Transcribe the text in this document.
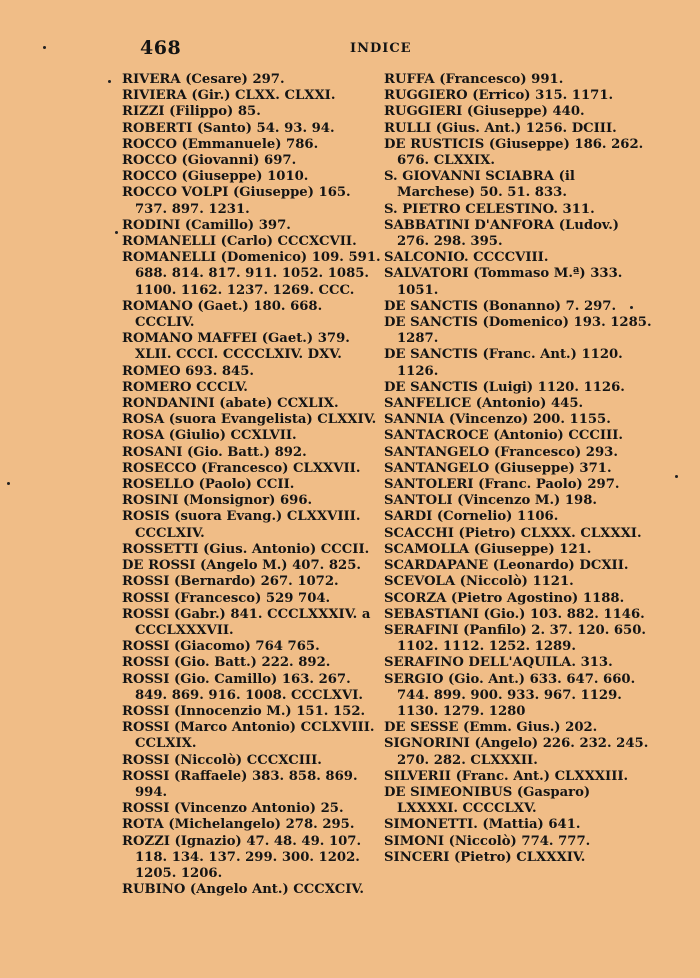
468	INDICE

RIVERA (Cesare) 297.

RIVIERA (Gir.) CLXX. CLXXI.

RIZZI (Filippo) 85.

ROBERTI (Santo) 54. 93. 94.

ROCCO (Emmanuele) 786.

ROCCO (Giovanni) 697.

ROCCO (Giuseppe) 1010.

ROCCO VOLPI (Giuseppe) 165. 737. 897. 1231.

RODINI (Camillo) 397.

ROMANELLI (Carlo) CCCXCVII.

ROMANELLI (Domenico) 109. 591. 688. 814. 817. 911. 1052. 1085. 1100. 1162. 1237. 1269. CCC.

ROMANO (Gaet.) 180. 668. CCCLIV.

ROMANO MAFFEI (Gaet.) 379. XLII. CCCI. CCCCLXIV. DXV.

ROMEO 693. 845.

ROMERO CCCLV.

RONDANINI (abate) CCXLIX.

ROSA (suora Evangelista) CLXXIV.

ROSA (Giulio) CCXLVII.

ROSANI (Gio. Batt.) 892.

ROSECCO (Francesco) CLXXVII.

ROSELLO (Paolo) CCII.

ROSINI (Monsignor) 696.

ROSIS (suora Evang.) CLXXVIII. CCCLXIV.

ROSSETTI (Gius. Antonio) CCCII.

DE ROSSI (Angelo M.) 407. 825.

ROSSI (Bernardo) 267. 1072.

ROSSI (Francesco) 529 704.

ROSSI (Gabr.) 841. CCCLXXXIV. a CCCLXXXVII.

ROSSI (Giacomo) 764 765.

ROSSI (Gio. Batt.) 222. 892.

ROSSI (Gio. Camillo) 163. 267. 849. 869. 916. 1008. CCCLXVI.

ROSSI (Innocenzio M.) 151. 152.

ROSSI (Marco Antonio) CCLXVIII. CCLXIX.

ROSSI (Niccolò) CCCXCIII.

ROSSI (Raffaele) 383. 858. 869. 994.

ROSSI (Vincenzo Antonio) 25.

ROTA (Michelangelo) 278. 295.

ROZZI (Ignazio) 47. 48. 49. 107. 118. 134. 137. 299. 300. 1202. 1205. 1206.

RUBINO (Angelo Ant.) CCCXCIV.

RUFFA (Francesco) 991.

RUGGIERO (Errico) 315. 1171.

RUGGIERI (Giuseppe) 440.

RULLI (Gius. Ant.) 1256. DCIII.

DE RUSTICIS (Giuseppe) 186. 262. 676. CLXXIX.

S. GIOVANNI SCIABRA (il Marchese) 50. 51. 833.

S. PIETRO CELESTINO. 311.

SABBATINI D'ANFORA (Ludov.) 276. 298. 395.

SALCONIO. CCCCVIII.

SALVATORI (Tommaso M.ª) 333. 1051.

DE SANCTIS (Bonanno) 7. 297.

DE SANCTIS (Domenico) 193. 1285. 1287.

DE SANCTIS (Franc. Ant.) 1120. 1126.

DE SANCTIS (Luigi) 1120. 1126.

SANFELICE (Antonio) 445.

SANNIA (Vincenzo) 200. 1155.

SANTACROCE (Antonio) CCCIII.

SANTANGELO (Francesco) 293.

SANTANGELO (Giuseppe) 371.

SANTOLERI (Franc. Paolo) 297.

SANTOLI (Vincenzo M.) 198.

SARDI (Cornelio) 1106.

SCACCHI (Pietro) CLXXX. CLXXXI.

SCAMOLLA (Giuseppe) 121.

SCARDAPANE (Leonardo) DCXII.

SCEVOLA (Niccolò) 1121.

SCORZA (Pietro Agostino) 1188.

SEBASTIANI (Gio.) 103. 882. 1146.

SERAFINI (Panfilo) 2. 37. 120. 650. 1102. 1112. 1252. 1289.

SERAFINO DELL'AQUILA. 313.

SERGIO (Gio. Ant.) 633. 647. 660. 744. 899. 900. 933. 967. 1129. 1130. 1279. 1280

DE SESSE (Emm. Gius.) 202.

SIGNORINI (Angelo) 226. 232. 245. 270. 282. CLXXXII.

SILVERII (Franc. Ant.) CLXXXIII.

DE SIMEONIBUS (Gasparo) LXXXXI. CCCCLXV.

SIMONETTI. (Mattia) 641.

SIMONI (Niccolò) 774. 777.

SINCERI (Pietro) CLXXXIV.
